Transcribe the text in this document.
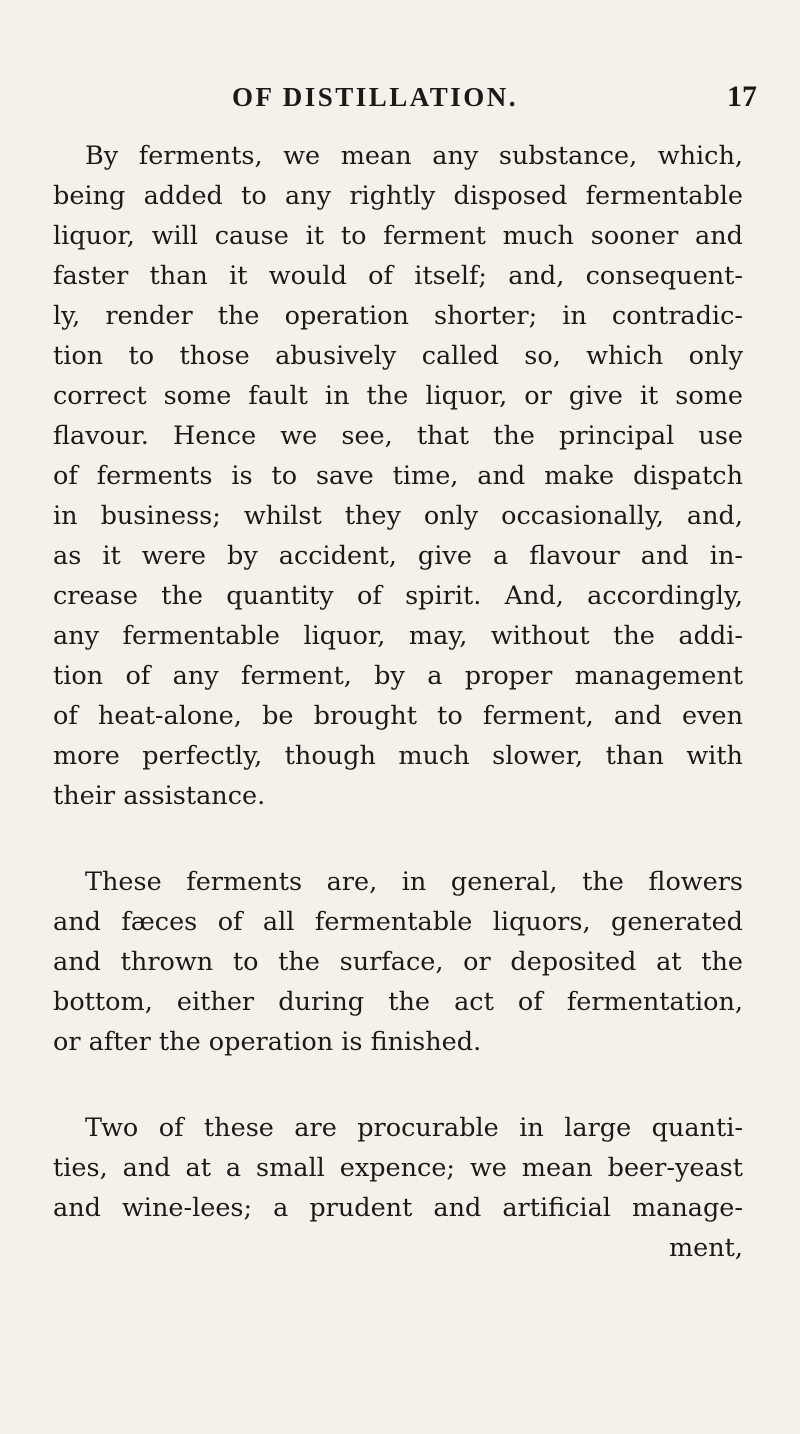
OF DISTILLATION.	17
By ferments, we mean any substance, which,
being added to any rightly disposed fermentable
liquor, will cause it to ferment much sooner and
faster than it would of itself; and, consequent-
ly, render the operation shorter; in contradic-
tion to those abusively called so, which only
correct some fault in the liquor, or give it some
flavour. Hence we see, that the principal use
of ferments is to save time, and make dispatch
in business; whilst they only occasionally, and,
as it were by accident, give a flavour and in-
crease the quantity of spirit. And, accordingly,
any fermentable liquor, may, without the addi-
tion of any ferment, by a proper management
of heat-alone, be brought to ferment, and even
more perfectly, though much slower, than with
their assistance.
These ferments are, in general, the flowers
and fæces of all fermentable liquors, generated
and thrown to the surface, or deposited at the
bottom, either during the act of fermentation,
or after the operation is finished.
Two of these are procurable in large quanti-
ties, and at a small expence; we mean beer-yeast
and wine-lees; a prudent and artificial manage-
ment,
